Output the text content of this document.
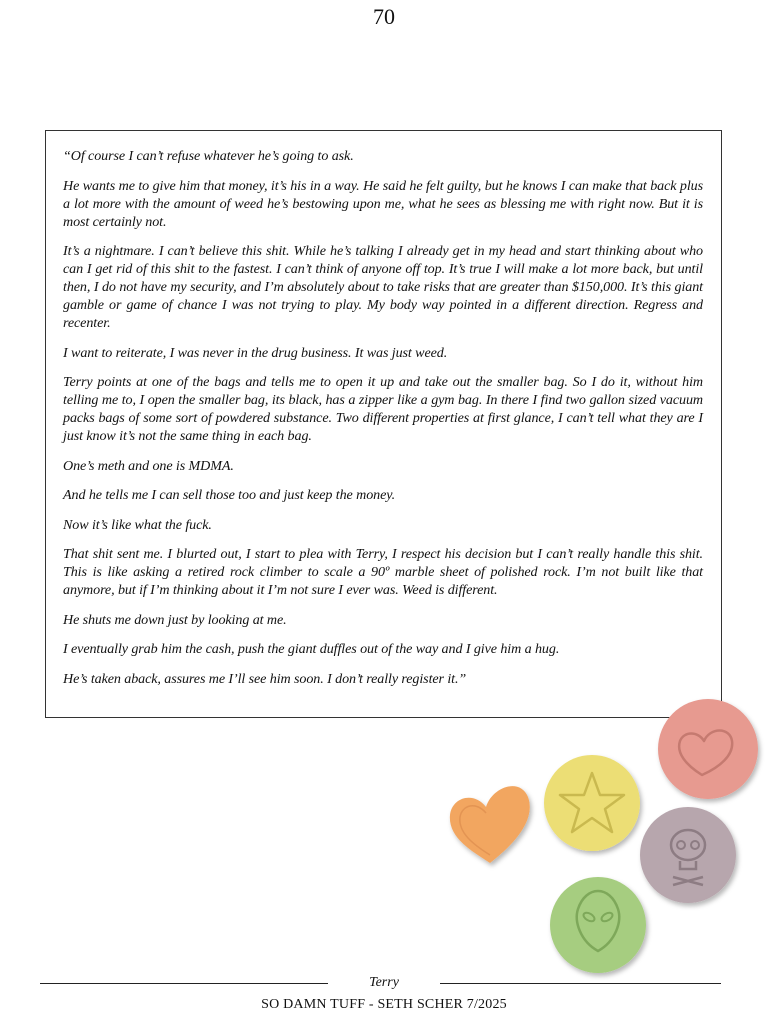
70

“Of course I can’t refuse whatever he’s going to ask.

He wants me to give him that money, it’s his in a way. He said he felt guilty, but he knows I can make that back plus a lot more with the amount of weed he’s bestowing upon me, what he sees as blessing me with right now. But it is most certainly not.

It’s a nightmare. I can’t believe this shit. While he’s talking I already get in my head and start thinking about who can I get rid of this shit to the fastest. I can’t think of anyone off top. It’s true I will make a lot more back, but until then, I do not have my security, and I’m absolutely about to take risks that are greater than $150,000. It’s this giant gamble or game of chance I was not trying to play. My body way pointed in a different direction. Regress and recenter.

I want to reiterate, I was never in the drug business. It was just weed.

Terry points at one of the bags and tells me to open it up and take out the smaller bag. So I do it, without him telling me to, I open the smaller bag, its black, has a zipper like a gym bag. In there I find two gallon sized vacuum packs bags of some sort of powdered substance. Two different properties at first glance, I can’t tell what they are I just know it’s not the same thing in each bag.

One’s meth and one is MDMA.

And he tells me I can sell those too and just keep the money.

Now it’s like what the fuck.

That shit sent me. I blurted out, I start to plea with Terry, I respect his decision but I can’t really handle this shit. This is like asking a retired rock climber to scale a 90º marble sheet of polished rock. I’m not built like that anymore, but if I’m thinking about it I’m not sure I ever was. Weed is different.

He shuts me down just by looking at me.

I eventually grab him the cash, push the giant duffles out of the way and I give him a hug.

He’s taken aback, assures me I’ll see him soon. I don’t really register it.”

Terry
SO DAMN TUFF - SETH SCHER 7/2025
